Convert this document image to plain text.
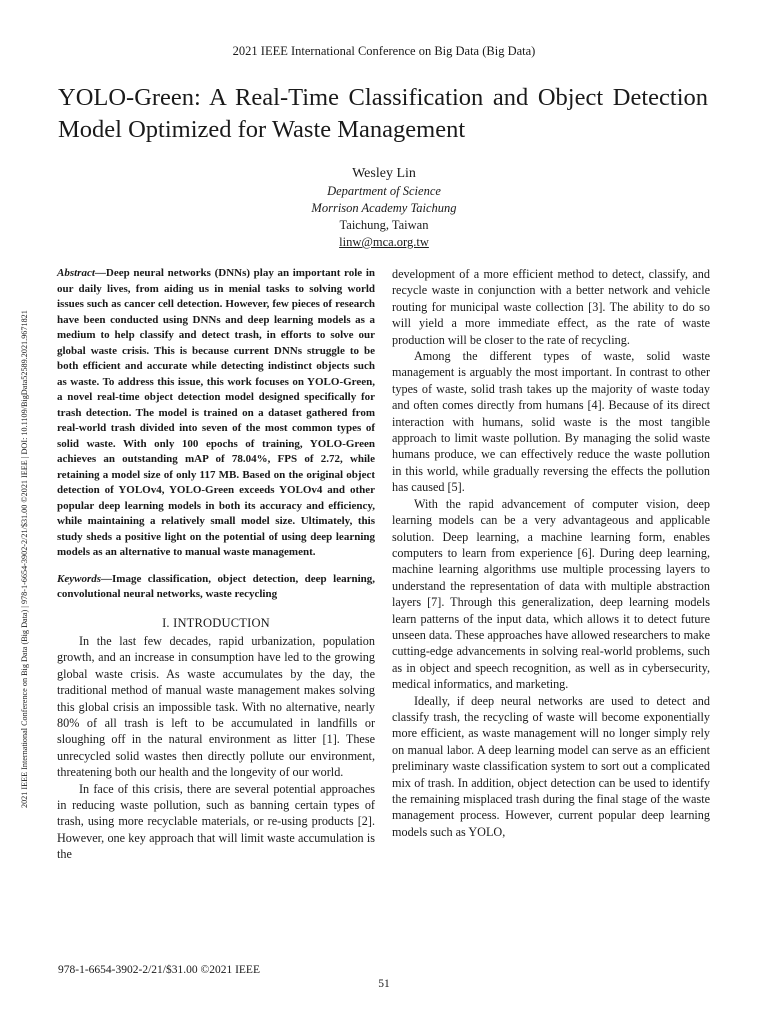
2021 IEEE International Conference on Big Data (Big Data)
YOLO-Green: A Real-Time Classification and Object Detection Model Optimized for Waste Management
Wesley Lin
Department of Science
Morrison Academy Taichung
Taichung, Taiwan
linw@mca.org.tw
2021 IEEE International Conference on Big Data (Big Data) | 978-1-6654-3902-2/21/$31.00 ©2021 IEEE | DOI: 10.1109/BigData52589.2021.9671821

Abstract—Deep neural networks (DNNs) play an important role in our daily lives, from aiding us in menial tasks to solving world issues such as cancer cell detection. However, few pieces of research have been conducted using DNNs and deep learning models as a medium to help classify and detect trash, in efforts to solve our global waste crisis. This is because current DNNs struggle to be both efficient and accurate while detecting indistinct objects such as waste. To address this issue, this work focuses on YOLO-Green, a novel real-time object detection model designed specifically for trash detection. The model is trained on a dataset gathered from real-world trash divided into seven of the most common types of solid waste. With only 100 epochs of training, YOLO-Green achieves an outstanding mAP of 78.04%, FPS of 2.72, while retaining a model size of only 117 MB. Based on the original object detection of YOLOv4, YOLO-Green exceeds YOLOv4 and other popular deep learning models in both its accuracy and efficiency, while maintaining a relatively small model size. Ultimately, this study sheds a positive light on the potential of using deep learning models as an alternative to manual waste management.

Keywords—Image classification, object detection, deep learning, convolutional neural networks, waste recycling

I. INTRODUCTION

In the last few decades, rapid urbanization, population growth, and an increase in consumption have led to the growing global waste crisis. As waste accumulates by the day, the traditional method of manual waste management makes solving this global crisis an impossible task. With no alternative, nearly 80% of all trash is left to be accumulated in landfills or sloughing off in the natural environment as litter [1]. These unrecycled solid wastes then directly pollute our environment, threatening both our health and the longevity of our world.

In face of this crisis, there are several potential approaches in reducing waste pollution, such as banning certain types of trash, using more recyclable materials, or re-using products [2]. However, one key approach that will limit waste accumulation is the

development of a more efficient method to detect, classify, and recycle waste in conjunction with a better network and vehicle routing for municipal waste collection [3]. The ability to do so will yield a more immediate effect, as the rate of waste production will be closer to the rate of recycling.

Among the different types of waste, solid waste management is arguably the most important. In contrast to other types of waste, solid trash takes up the majority of waste today and often comes directly from humans [4]. Because of its direct interaction with humans, solid waste is the most tangible approach to limit waste pollution. By managing the solid waste humans produce, we can effectively reduce the waste pollution in this world, while gradually reversing the effects the pollution has caused [5].

With the rapid advancement of computer vision, deep learning models can be a very advantageous and applicable solution. Deep learning, a machine learning form, enables computers to learn from experience [6]. During deep learning, machine learning algorithms use multiple processing layers to understand the representation of data with multiple abstraction layers [7]. Through this generalization, deep learning models learn patterns of the input data, which allows it to detect future unseen data. These approaches have allowed researchers to make cutting-edge advancements in solving real-world problems, such as in object and speech recognition, as well as in cybersecurity, medical informatics, and marketing.

Ideally, if deep neural networks are used to detect and classify trash, the recycling of waste will become exponentially more efficient, as waste management will no longer simply rely on manual labor. A deep learning model can serve as an efficient preliminary waste classification system to sort out a complicated mix of trash. In addition, object detection can be used to identify the remaining misplaced trash during the final stage of the waste management process. However, current popular deep learning models such as YOLO,

978-1-6654-3902-2/21/$31.00 ©2021 IEEE
51
